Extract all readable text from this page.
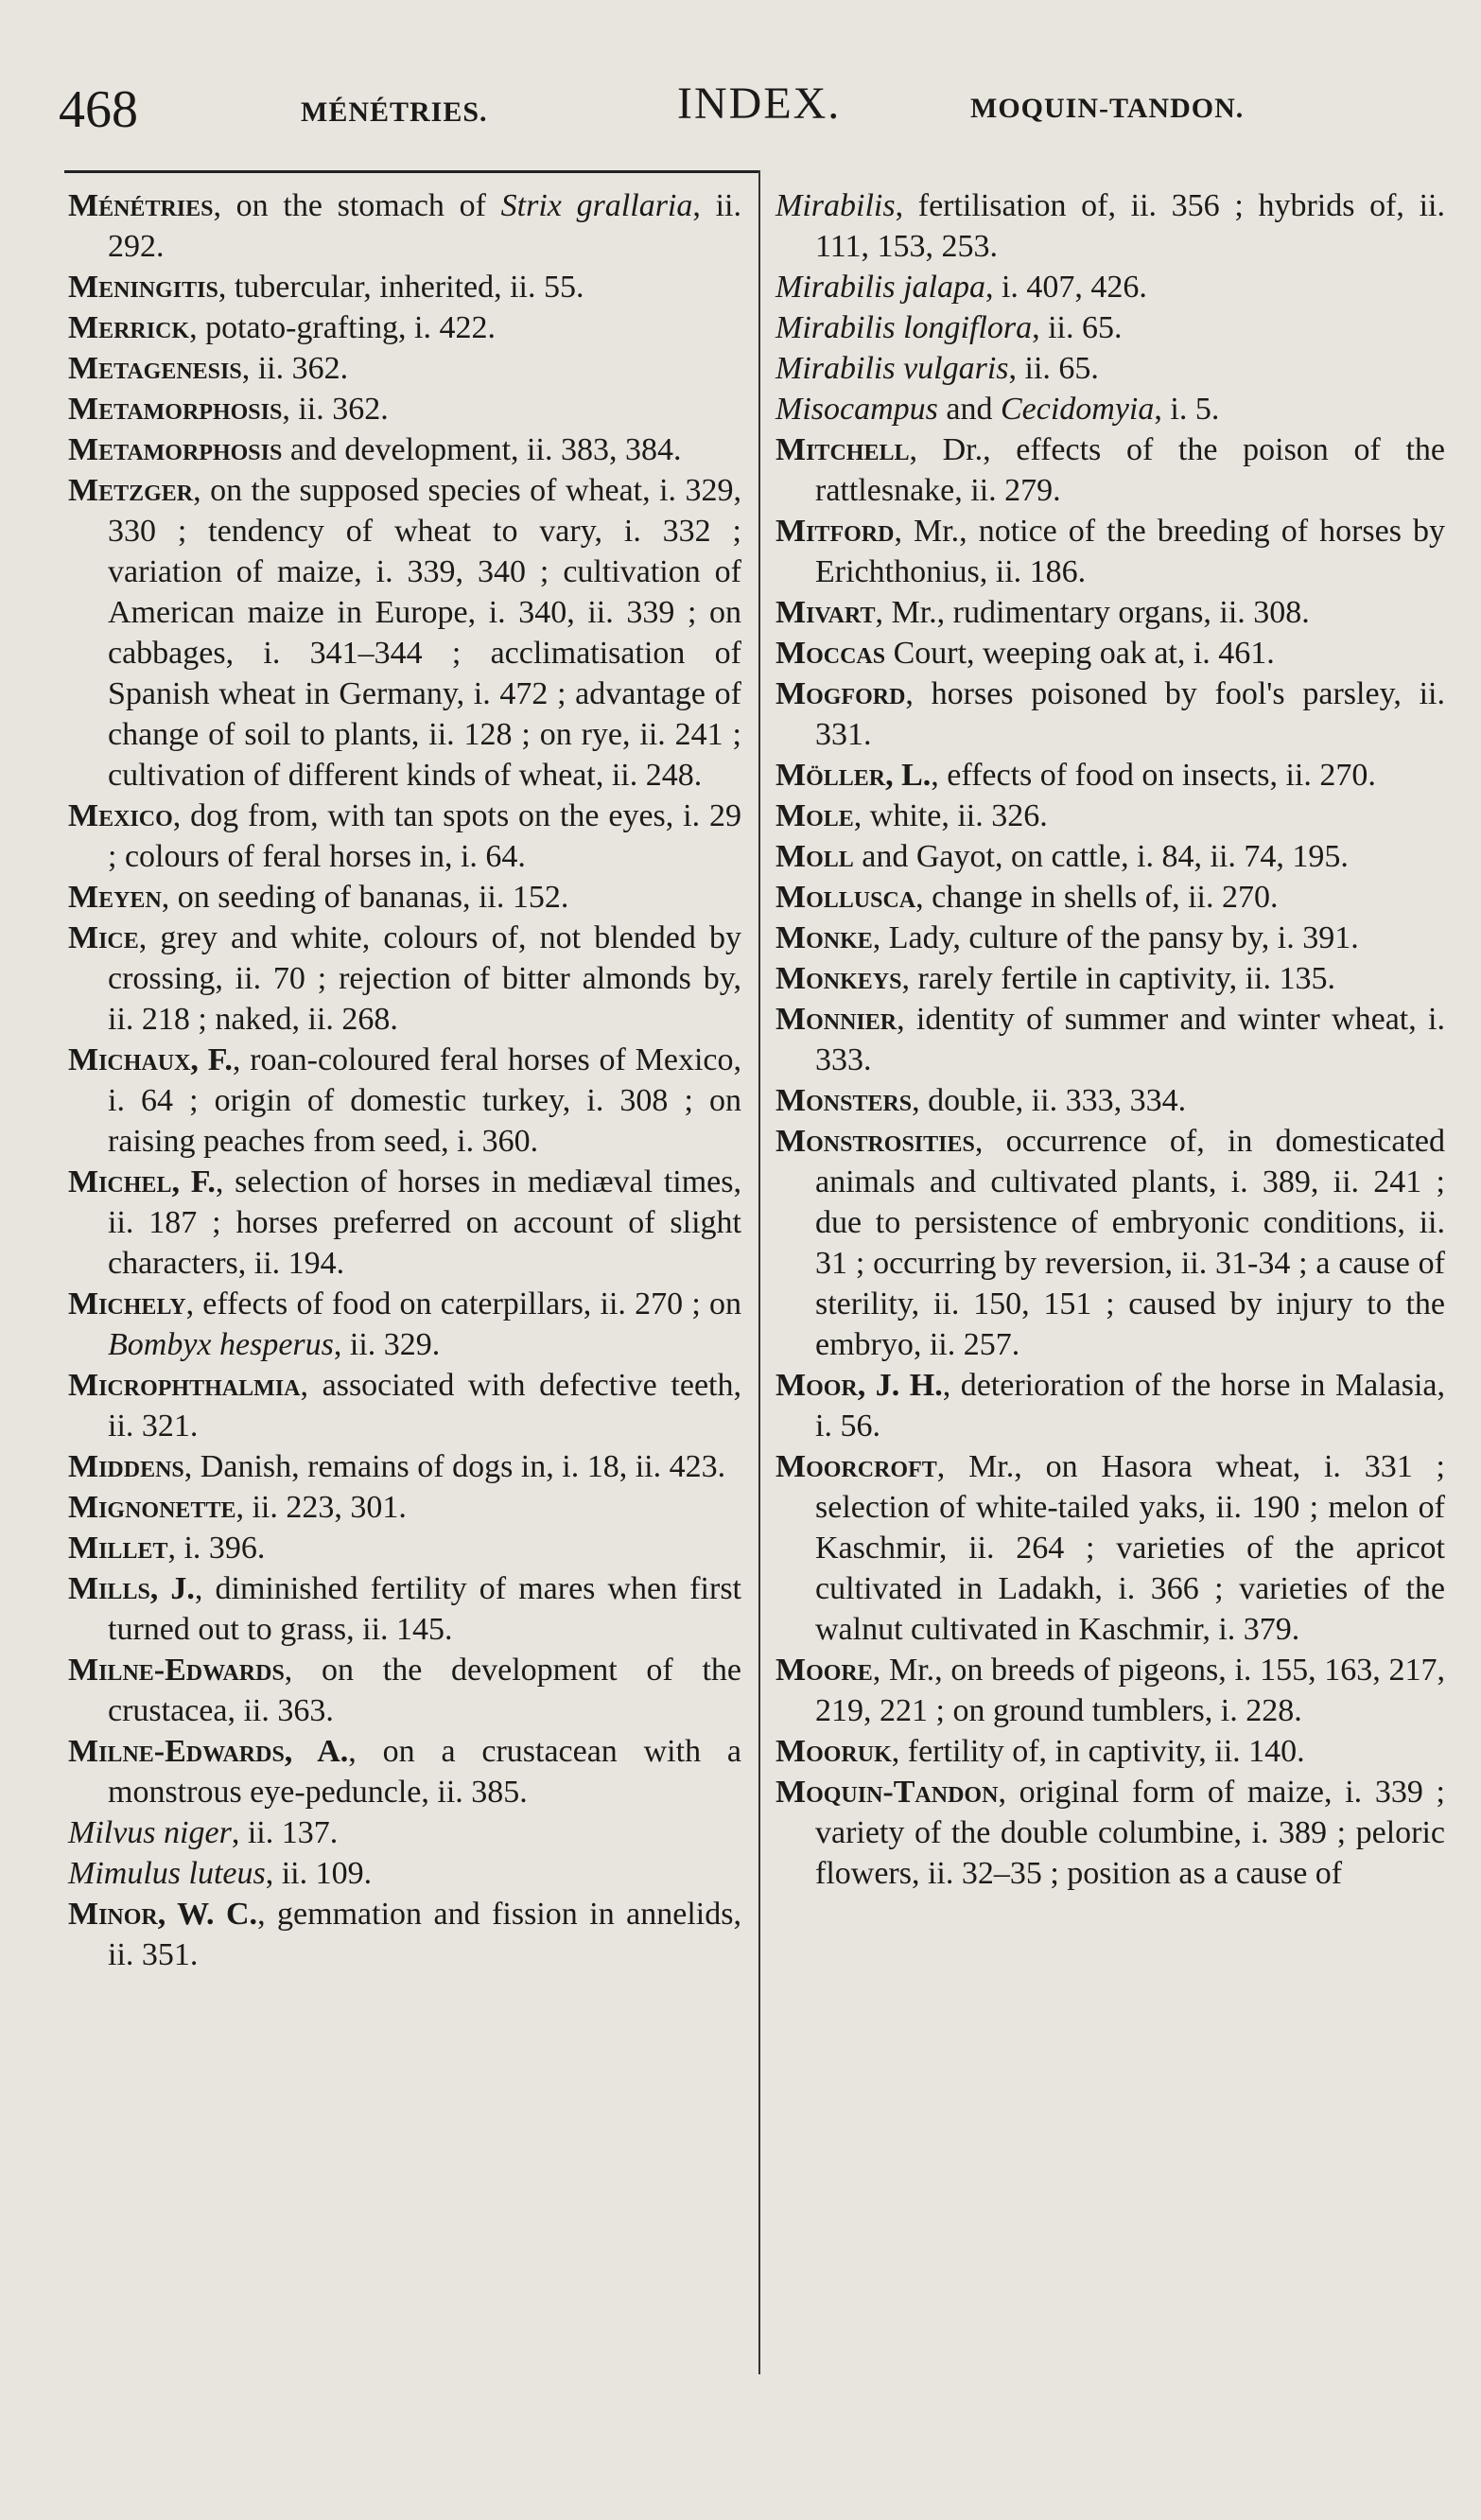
468	MÉNÉTRIES.	INDEX.	MOQUIN-TANDON.

Ménétries, on the stomach of Strix grallaria, ii. 292.

Meningitis, tubercular, inherited, ii. 55.

Merrick, potato-grafting, i. 422.

Metagenesis, ii. 362.

Metamorphosis, ii. 362.

Metamorphosis and development, ii. 383, 384.

Metzger, on the supposed species of wheat, i. 329, 330 ; tendency of wheat to vary, i. 332 ; variation of maize, i. 339, 340 ; cultivation of American maize in Europe, i. 340, ii. 339 ; on cabbages, i. 341–344 ; acclimatisation of Spanish wheat in Germany, i. 472 ; advantage of change of soil to plants, ii. 128 ; on rye, ii. 241 ; cultivation of different kinds of wheat, ii. 248.

Mexico, dog from, with tan spots on the eyes, i. 29 ; colours of feral horses in, i. 64.

Meyen, on seeding of bananas, ii. 152.

Mice, grey and white, colours of, not blended by crossing, ii. 70 ; rejection of bitter almonds by, ii. 218 ; naked, ii. 268.

Michaux, F., roan-coloured feral horses of Mexico, i. 64 ; origin of domestic turkey, i. 308 ; on raising peaches from seed, i. 360.

Michel, F., selection of horses in mediæval times, ii. 187 ; horses preferred on account of slight characters, ii. 194.

Michely, effects of food on caterpillars, ii. 270 ; on Bombyx hesperus, ii. 329.

Microphthalmia, associated with defective teeth, ii. 321.

Middens, Danish, remains of dogs in, i. 18, ii. 423.

Mignonette, ii. 223, 301.

Millet, i. 396.

Mills, J., diminished fertility of mares when first turned out to grass, ii. 145.

Milne-Edwards, on the development of the crustacea, ii. 363.

Milne-Edwards, A., on a crustacean with a monstrous eye-peduncle, ii. 385.

Milvus niger, ii. 137.

Mimulus luteus, ii. 109.

Minor, W. C., gemmation and fission in annelids, ii. 351.

Mirabilis, fertilisation of, ii. 356 ; hybrids of, ii. 111, 153, 253.

Mirabilis jalapa, i. 407, 426.

Mirabilis longiflora, ii. 65.

Mirabilis vulgaris, ii. 65.

Misocampus and Cecidomyia, i. 5.

Mitchell, Dr., effects of the poison of the rattlesnake, ii. 279.

Mitford, Mr., notice of the breeding of horses by Erichthonius, ii. 186.

Mivart, Mr., rudimentary organs, ii. 308.

Moccas Court, weeping oak at, i. 461.

Mogford, horses poisoned by fool's parsley, ii. 331.

Möller, L., effects of food on insects, ii. 270.

Mole, white, ii. 326.

Moll and Gayot, on cattle, i. 84, ii. 74, 195.

Mollusca, change in shells of, ii. 270.

Monke, Lady, culture of the pansy by, i. 391.

Monkeys, rarely fertile in captivity, ii. 135.

Monnier, identity of summer and winter wheat, i. 333.

Monsters, double, ii. 333, 334.

Monstrosities, occurrence of, in domesticated animals and cultivated plants, i. 389, ii. 241 ; due to persistence of embryonic conditions, ii. 31 ; occurring by reversion, ii. 31-34 ; a cause of sterility, ii. 150, 151 ; caused by injury to the embryo, ii. 257.

Moor, J. H., deterioration of the horse in Malasia, i. 56.

Moorcroft, Mr., on Hasora wheat, i. 331 ; selection of white-tailed yaks, ii. 190 ; melon of Kaschmir, ii. 264 ; varieties of the apricot cultivated in Ladakh, i. 366 ; varieties of the walnut cultivated in Kaschmir, i. 379.

Moore, Mr., on breeds of pigeons, i. 155, 163, 217, 219, 221 ; on ground tumblers, i. 228.

Mooruk, fertility of, in captivity, ii. 140.

Moquin-Tandon, original form of maize, i. 339 ; variety of the double columbine, i. 389 ; peloric flowers, ii. 32–35 ; position as a cause of
